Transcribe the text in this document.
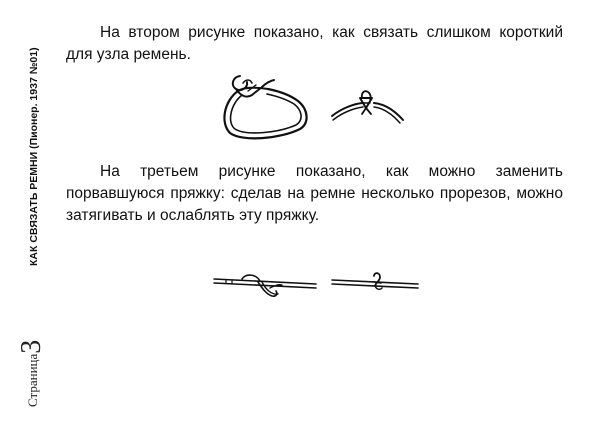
КАК СВЯЗАТЬ РЕМНИ (Пионер. 1937 №01)
Страница3

На втором рисунке показано, как связать слишком короткий для узла ремень.

На третьем рисунке показано, как можно заменить порвавшуюся пряжку: сделав на ремне несколько прорезов, можно затягивать и ослаблять эту пряжку.
